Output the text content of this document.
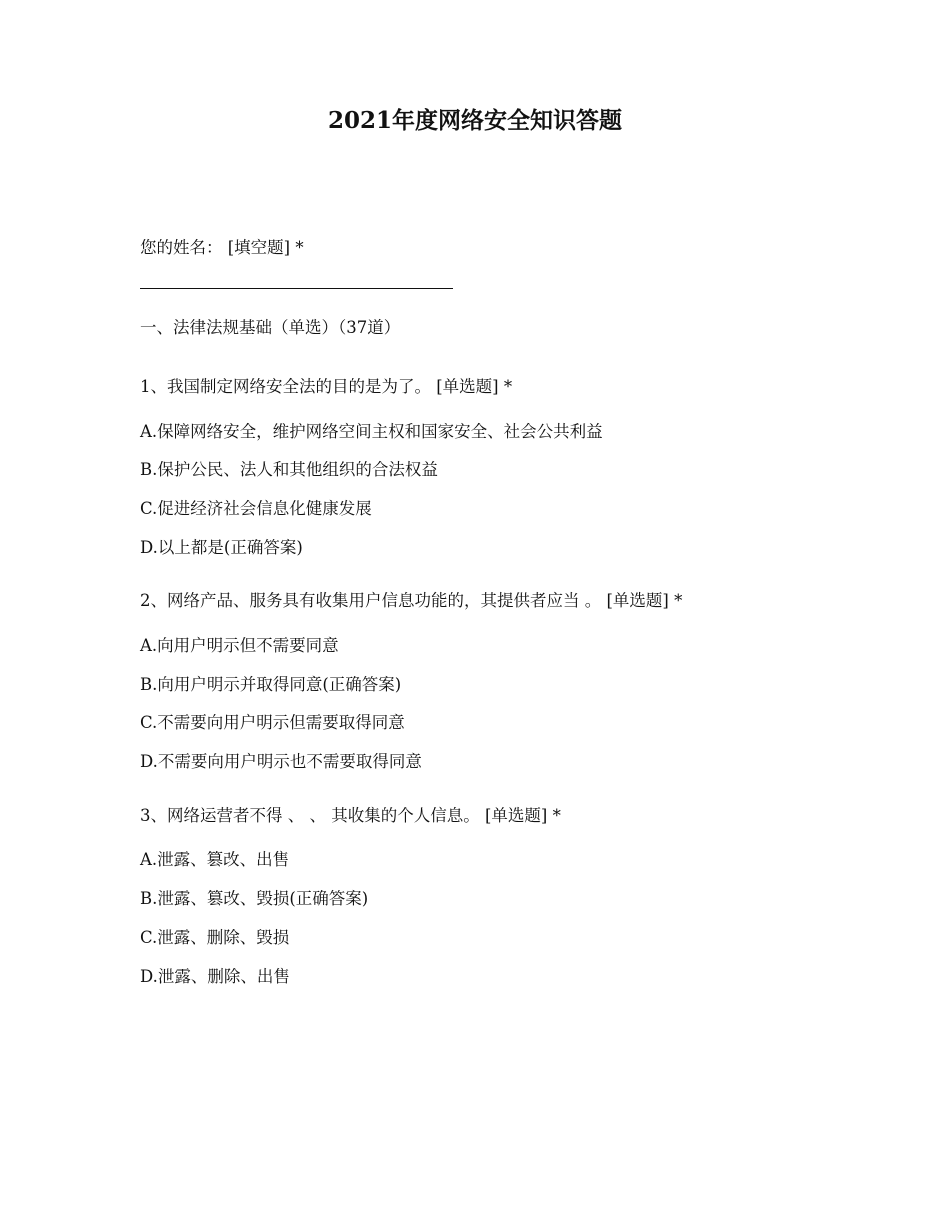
2021年度网络安全知识答题

您的姓名： [填空题] *

一、法律法规基础（单选）（37道）

1、我国制定网络安全法的目的是为了。 [单选题] *

A.保障网络安全，维护网络空间主权和国家安全、社会公共利益

B.保护公民、法人和其他组织的合法权益

C.促进经济社会信息化健康发展

D.以上都是(正确答案)

2、网络产品、服务具有收集用户信息功能的，其提供者应当 。 [单选题] *

A.向用户明示但不需要同意

B.向用户明示并取得同意(正确答案)

C.不需要向用户明示但需要取得同意

D.不需要向用户明示也不需要取得同意

3、网络运营者不得 、 、 其收集的个人信息。 [单选题] *

A.泄露、篡改、出售

B.泄露、篡改、毁损(正确答案)

C.泄露、删除、毁损

D.泄露、删除、出售
